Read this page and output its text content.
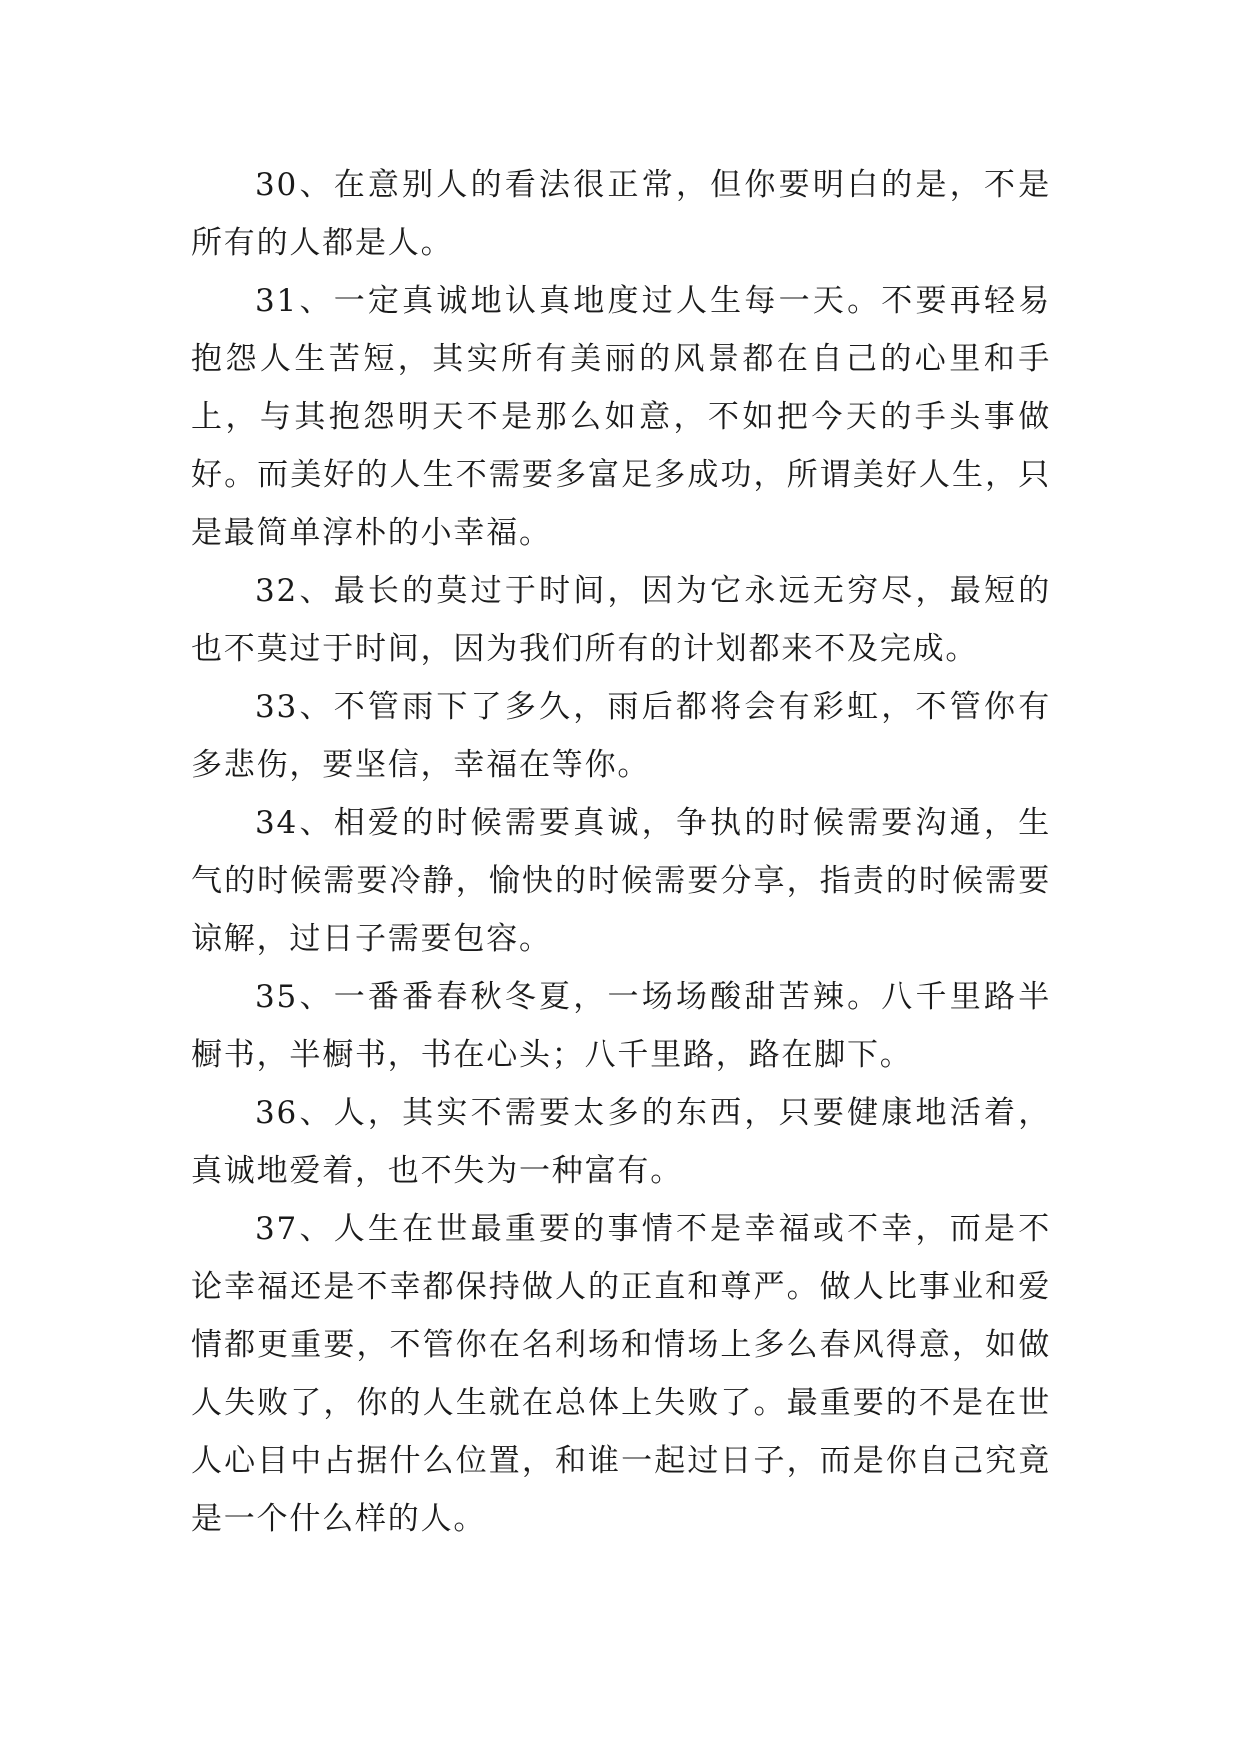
30、在意别人的看法很正常，但你要明白的是，不是所有的人都是人。

31、一定真诚地认真地度过人生每一天。不要再轻易抱怨人生苦短，其实所有美丽的风景都在自己的心里和手上，与其抱怨明天不是那么如意，不如把今天的手头事做好。而美好的人生不需要多富足多成功，所谓美好人生，只是最简单淳朴的小幸福。

32、最长的莫过于时间，因为它永远无穷尽，最短的也不莫过于时间，因为我们所有的计划都来不及完成。

33、不管雨下了多久，雨后都将会有彩虹，不管你有多悲伤，要坚信，幸福在等你。

34、相爱的时候需要真诚，争执的时候需要沟通，生气的时候需要冷静，愉快的时候需要分享，指责的时候需要谅解，过日子需要包容。

35、一番番春秋冬夏，一场场酸甜苦辣。八千里路半橱书，半橱书，书在心头；八千里路，路在脚下。

36、人，其实不需要太多的东西，只要健康地活着，真诚地爱着，也不失为一种富有。

37、人生在世最重要的事情不是幸福或不幸，而是不论幸福还是不幸都保持做人的正直和尊严。做人比事业和爱情都更重要，不管你在名利场和情场上多么春风得意，如做人失败了，你的人生就在总体上失败了。最重要的不是在世人心目中占据什么位置，和谁一起过日子，而是你自己究竟是一个什么样的人。
